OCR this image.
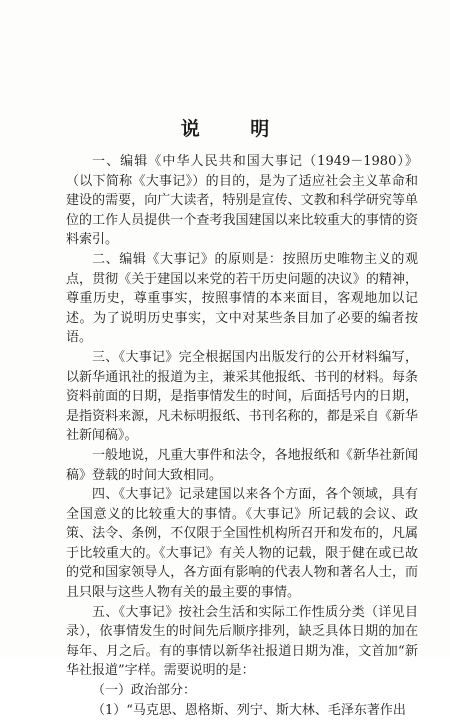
说 明

一、编辑《中华人民共和国大事记（1949－1980）》（以下简称《大事记》）的目的，是为了适应社会主义革命和建设的需要，向广大读者，特别是宣传、文教和科学研究等单位的工作人员提供一个查考我国建国以来比较重大的事情的资料索引。

二、编辑《大事记》的原则是：按照历史唯物主义的观点，贯彻《关于建国以来党的若干历史问题的决议》的精神，尊重历史，尊重事实，按照事情的本来面目，客观地加以记述。为了说明历史事实，文中对某些条目加了必要的编者按语。

三、《大事记》完全根据国内出版发行的公开材料编写，以新华通讯社的报道为主，兼采其他报纸、书刊的材料。每条资料前面的日期，是指事情发生的时间，后面括号内的日期，是指资料来源，凡未标明报纸、书刊名称的，都是采自《新华社新闻稿》。

一般地说，凡重大事件和法令，各地报纸和《新华社新闻稿》登载的时间大致相同。

四、《大事记》记录建国以来各个方面，各个领域，具有全国意义的比较重大的事情。《大事记》所记载的会议、政策、法令、条例，不仅限于全国性机构所召开和发布的，凡属于比较重大的。《大事记》有关人物的记载，限于健在或已故的党和国家领导人，各方面有影响的代表人物和著名人士，而且只限与这些人物有关的最主要的事情。

五、《大事记》按社会生活和实际工作性质分类（详见目录），依事情发生的时间先后顺序排列，缺乏具体日期的加在每年、月之后。有的事情以新华社报道日期为准，文首加“新华社报道”字样。需要说明的是：

（一）政治部分：

（1）“马克思、恩格斯、列宁、斯大林、毛泽东著作出
